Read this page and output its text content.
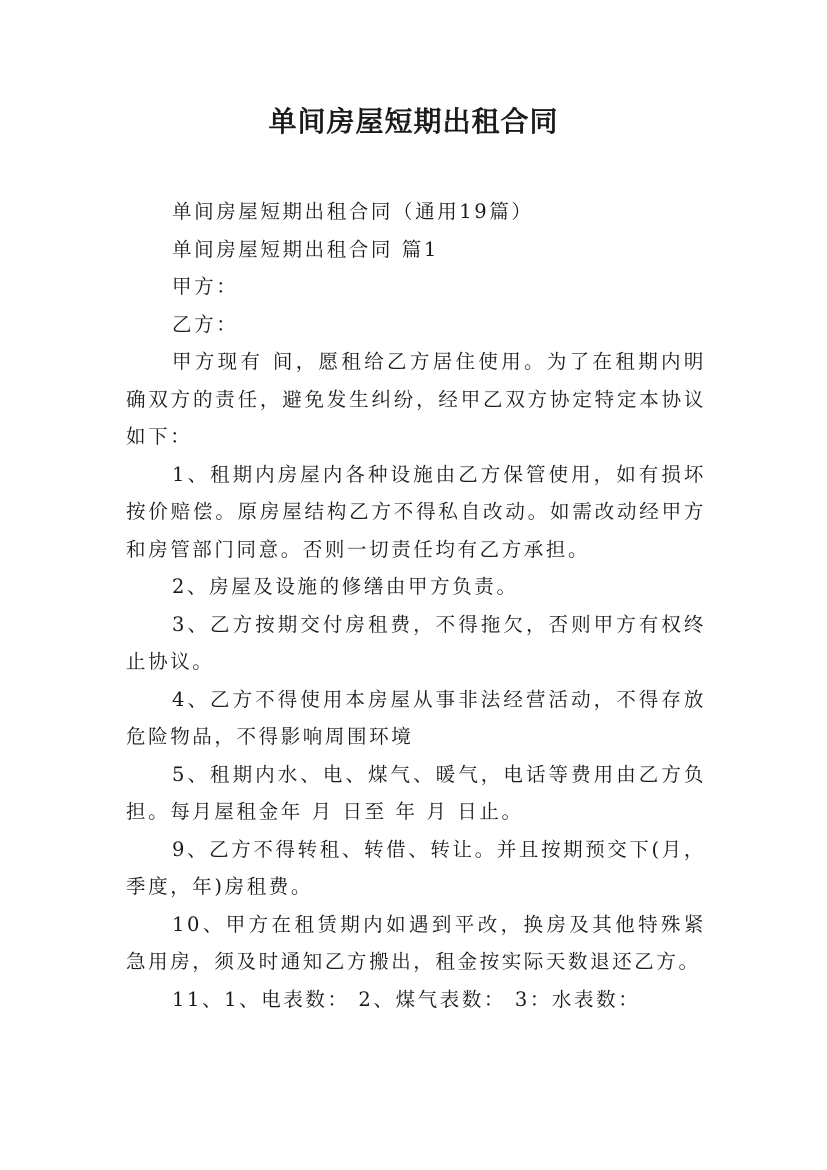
单间房屋短期出租合同

单间房屋短期出租合同（通用19篇）

单间房屋短期出租合同 篇1

甲方：

乙方：

甲方现有 间，愿租给乙方居住使用。为了在租期内明确双方的责任，避免发生纠纷，经甲乙双方协定特定本协议如下：

1、租期内房屋内各种设施由乙方保管使用，如有损坏按价赔偿。原房屋结构乙方不得私自改动。如需改动经甲方和房管部门同意。否则一切责任均有乙方承担。

2、房屋及设施的修缮由甲方负责。

3、乙方按期交付房租费，不得拖欠，否则甲方有权终止协议。

4、乙方不得使用本房屋从事非法经营活动，不得存放危险物品，不得影响周围环境

5、租期内水、电、煤气、暖气，电话等费用由乙方负担。每月屋租金年 月 日至 年 月 日止。

9、乙方不得转租、转借、转让。并且按期预交下(月，季度，年)房租费。

10、甲方在租赁期内如遇到平改，换房及其他特殊紧急用房，须及时通知乙方搬出，租金按实际天数退还乙方。

11、1、电表数： 2、煤气表数： 3：水表数：
